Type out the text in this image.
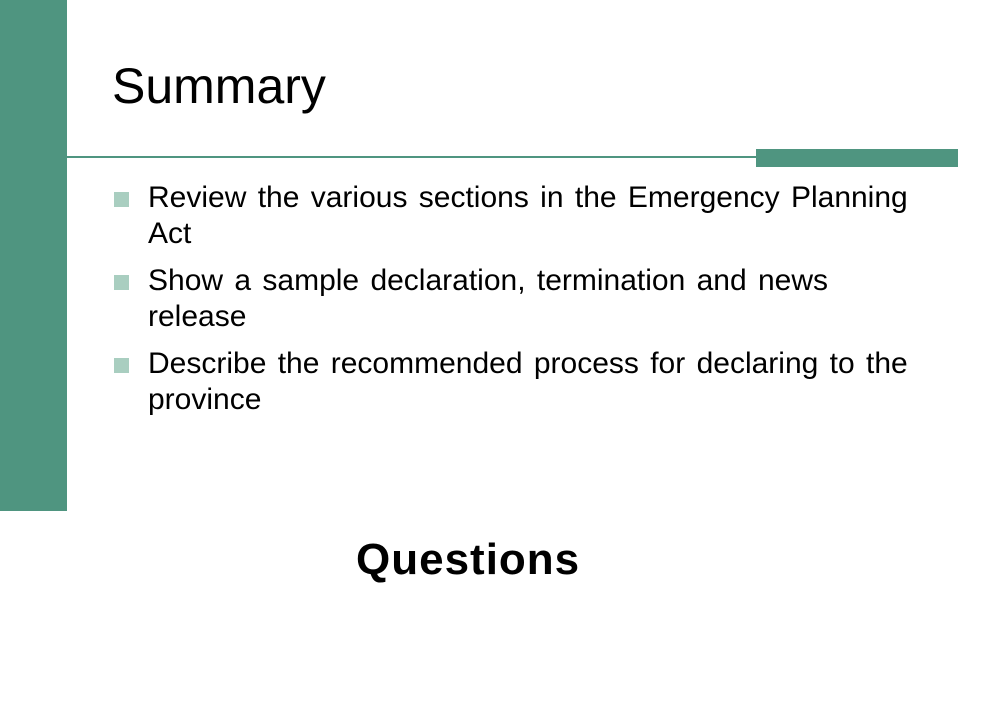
Summary
Review the various sections in the Emergency Planning Act
Show a sample declaration, termination and news release
Describe the recommended process for declaring to the province
Questions
